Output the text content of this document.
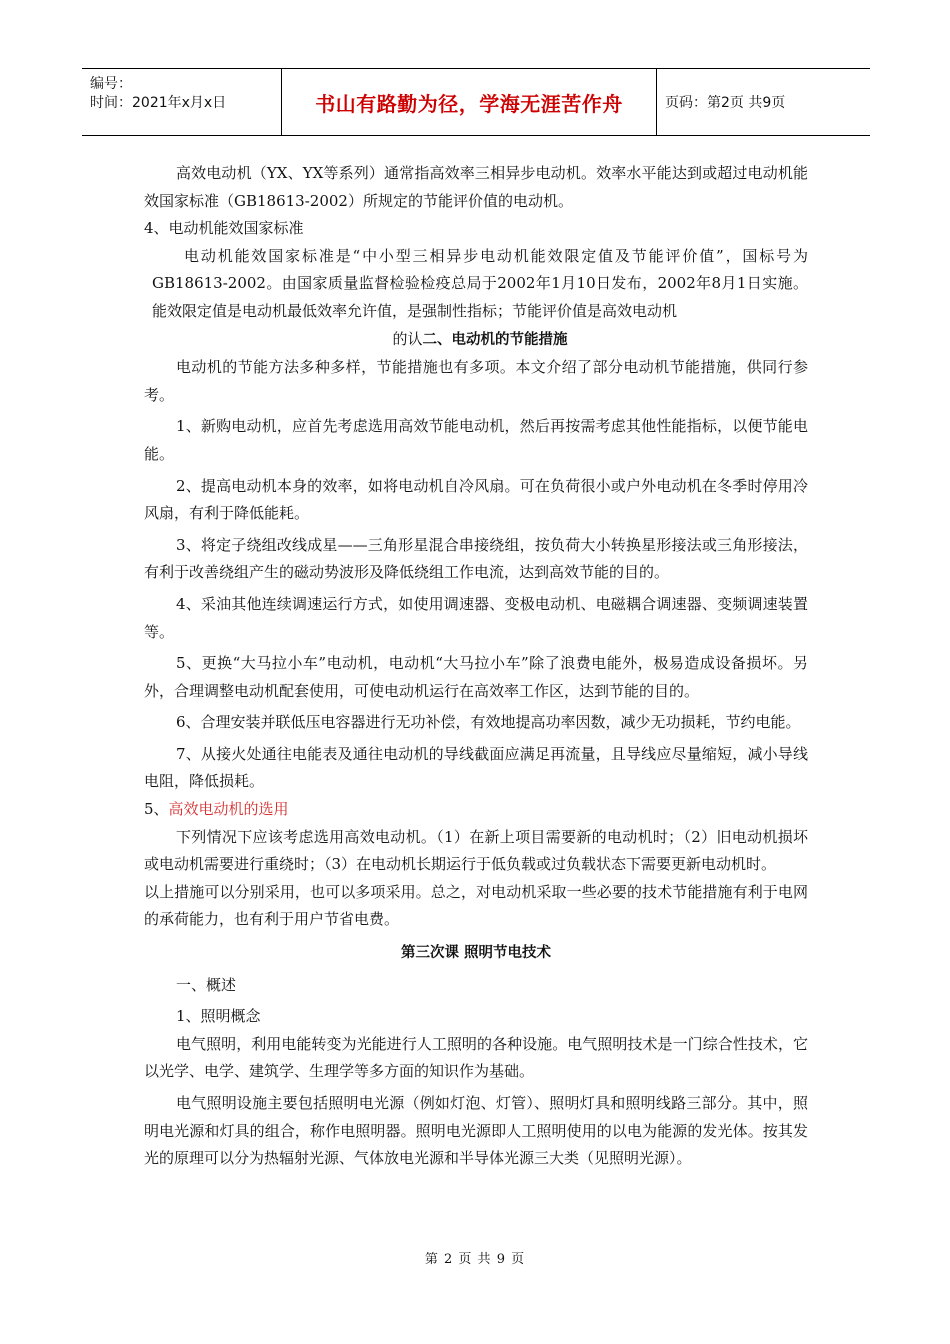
编号：
时间：2021年x月x日	书山有路勤为径，学海无涯苦作舟	页码：第2页 共9页

高效电动机（YX、YX等系列）通常指高效率三相异步电动机。效率水平能达到或超过电动机能效国家标准（GB18613-2002）所规定的节能评价值的电动机。

4、电动机能效国家标准

电动机能效国家标准是“中小型三相异步电动机能效限定值及节能评价值”，国标号为GB18613-2002。由国家质量监督检验检疫总局于2002年1月10日发布，2002年8月1日实施。能效限定值是电动机最低效率允许值，是强制性指标；节能评价值是高效电动机

的认二、电动机的节能措施

电动机的节能方法多种多样，节能措施也有多项。本文介绍了部分电动机节能措施，供同行参考。

1、新购电动机，应首先考虑选用高效节能电动机，然后再按需考虑其他性能指标，以便节能电能。

2、提高电动机本身的效率，如将电动机自冷风扇。可在负荷很小或户外电动机在冬季时停用冷风扇，有利于降低能耗。

3、将定子绕组改线成星——三角形星混合串接绕组，按负荷大小转换星形接法或三角形接法，有利于改善绕组产生的磁动势波形及降低绕组工作电流，达到高效节能的目的。

4、采油其他连续调速运行方式，如使用调速器、变极电动机、电磁耦合调速器、变频调速装置等。

5、更换“大马拉小车”电动机，电动机“大马拉小车”除了浪费电能外，极易造成设备损坏。另外，合理调整电动机配套使用，可使电动机运行在高效率工作区，达到节能的目的。

6、合理安装并联低压电容器进行无功补偿，有效地提高功率因数，减少无功损耗，节约电能。

7、从接火处通往电能表及通往电动机的导线截面应满足再流量，且导线应尽量缩短，减小导线电阻，降低损耗。

5、高效电动机的选用

下列情况下应该考虑选用高效电动机。（1）在新上项目需要新的电动机时；（2）旧电动机损坏或电动机需要进行重绕时；（3）在电动机长期运行于低负载或过负载状态下需要更新电动机时。

以上措施可以分别采用，也可以多项采用。总之，对电动机采取一些必要的技术节能措施有利于电网的承荷能力，也有利于用户节省电费。

第三次课 照明节电技术

一、概述

1、照明概念

电气照明，利用电能转变为光能进行人工照明的各种设施。电气照明技术是一门综合性技术，它以光学、电学、建筑学、生理学等多方面的知识作为基础。

电气照明设施主要包括照明电光源（例如灯泡、灯管）、照明灯具和照明线路三部分。其中，照明电光源和灯具的组合，称作电照明器。照明电光源即人工照明使用的以电为能源的发光体。按其发光的原理可以分为热辐射光源、气体放电光源和半导体光源三大类（见照明光源）。

第 2 页 共 9 页
